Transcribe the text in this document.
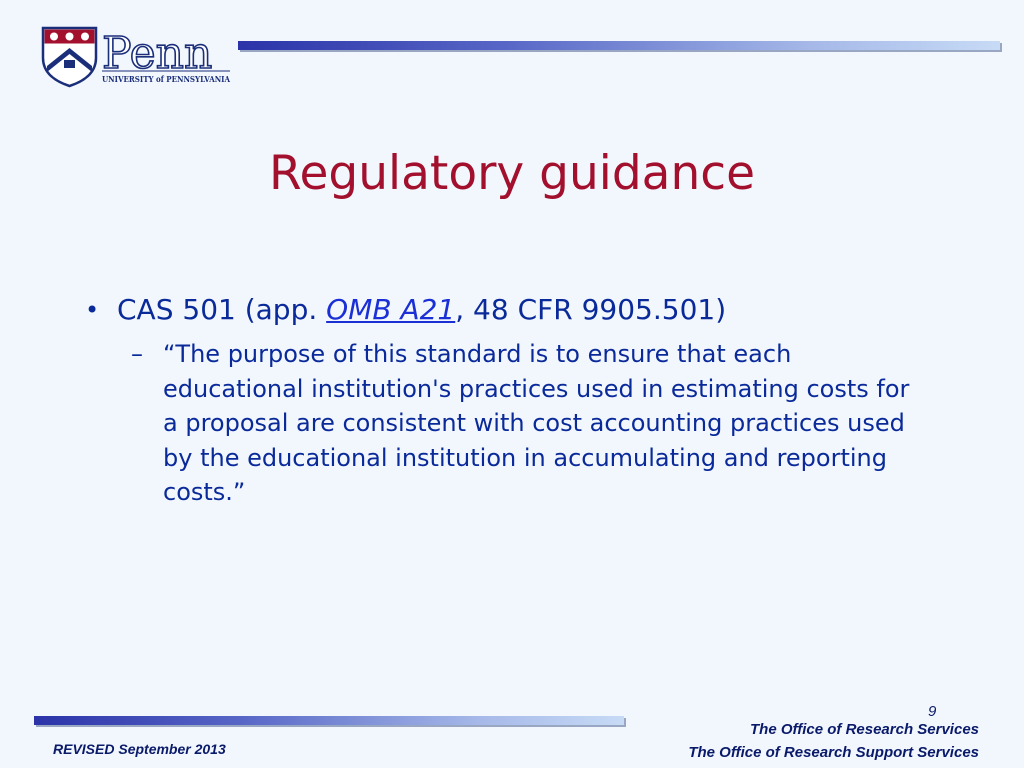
Penn
UNIVERSITY of PENNSYLVANIA
Regulatory guidance
• CAS 501 (app. OMB A21, 48 CFR 9905.501)
– “The purpose of this standard is to ensure that each educational institution's practices used in estimating costs for a proposal are consistent with cost accounting practices used by the educational institution in accumulating and reporting costs.”
9
The Office of Research Services
The Office of Research Support Services
REVISED September 2013
